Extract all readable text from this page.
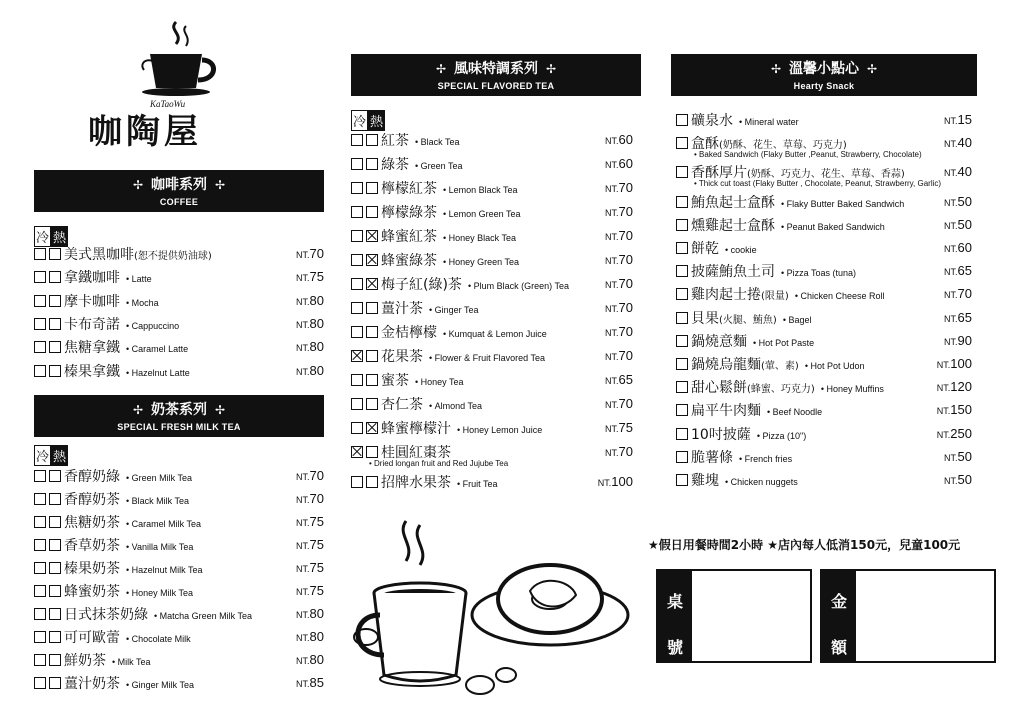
KaTaoWu
咖陶屋
✢ 咖啡系列 ✢
COFFEE
冷 熱
美式黑咖啡(恕不提供奶油球)	NT.70
拿鐵咖啡 • Latte	NT.75
摩卡咖啡 • Mocha	NT.80
卡布奇諾 • Cappuccino	NT.80
焦糖拿鐵 • Caramel Latte	NT.80
榛果拿鐵 • Hazelnut Latte	NT.80
✢ 奶茶系列 ✢
SPECIAL FRESH MILK TEA
冷 熱
香醇奶綠 • Green Milk Tea	NT.70
香醇奶茶 • Black Milk Tea	NT.70
焦糖奶茶 • Caramel Milk Tea	NT.75
香草奶茶 • Vanilla Milk Tea	NT.75
榛果奶茶 • Hazelnut Milk Tea	NT.75
蜂蜜奶茶 • Honey Milk Tea	NT.75
日式抹茶奶綠 • Matcha Green Milk Tea	NT.80
可可歐蕾 • Chocolate Milk	NT.80
鮮奶茶 • Milk Tea	NT.80
薑汁奶茶 • Ginger Milk Tea	NT.85
✢ 風味特調系列 ✢
SPECIAL FLAVORED TEA
冷 熱
紅茶 • Black Tea	NT.60
綠茶 • Green Tea	NT.60
檸檬紅茶 • Lemon Black Tea	NT.70
檸檬綠茶 • Lemon Green Tea	NT.70
蜂蜜紅茶 • Honey Black Tea	NT.70
蜂蜜綠茶 • Honey Green Tea	NT.70
梅子紅(綠)茶 • Plum Black (Green) Tea	NT.70
薑汁茶 • Ginger Tea	NT.70
金桔檸檬 • Kumquat & Lemon Juice	NT.70
花果茶 • Flower & Fruit Flavored Tea	NT.70
蜜茶 • Honey Tea	NT.65
杏仁茶 • Almond Tea	NT.70
蜂蜜檸檬汁 • Honey Lemon Juice	NT.75
桂圓紅棗茶	NT.70
• Dried longan fruit and Red Jujube Tea
招牌水果茶 • Fruit Tea	NT.100
✢ 溫馨小點心 ✢
Hearty Snack
礦泉水 • Mineral water	NT.15
盒酥(奶酥、花生、草莓、巧克力)	NT.40
• Baked Sandwich (Flaky Butter ,Peanut, Strawberry, Chocolate)
香酥厚片(奶酥、巧克力、花生、草莓、香蒜)	NT.40
• Thick cut toast (Flaky Butter , Chocolate, Peanut, Strawberry, Garlic)
鮪魚起士盒酥 • Flaky Butter Baked Sandwich	NT.50
燻雞起士盒酥 • Peanut Baked Sandwich	NT.50
餅乾 • cookie	NT.60
披薩鮪魚土司 • Pizza Toas (tuna)	NT.65
雞肉起士捲(限量) • Chicken Cheese Roll	NT.70
貝果(火腿、鮪魚) • Bagel	NT.65
鍋燒意麵 • Hot Pot Paste	NT.90
鍋燒烏龍麵(葷、素) • Hot Pot Udon	NT.100
甜心鬆餅(蜂蜜、巧克力) • Honey Muffins	NT.120
扁平牛肉麵 • Beef Noodle	NT.150
10吋披薩 • Pizza (10")	NT.250
脆薯條 • French fries	NT.50
雞塊 • Chicken nuggets	NT.50
★假日用餐時間2小時 ★店內每人低消150元，兒童100元
桌
號
金
額
